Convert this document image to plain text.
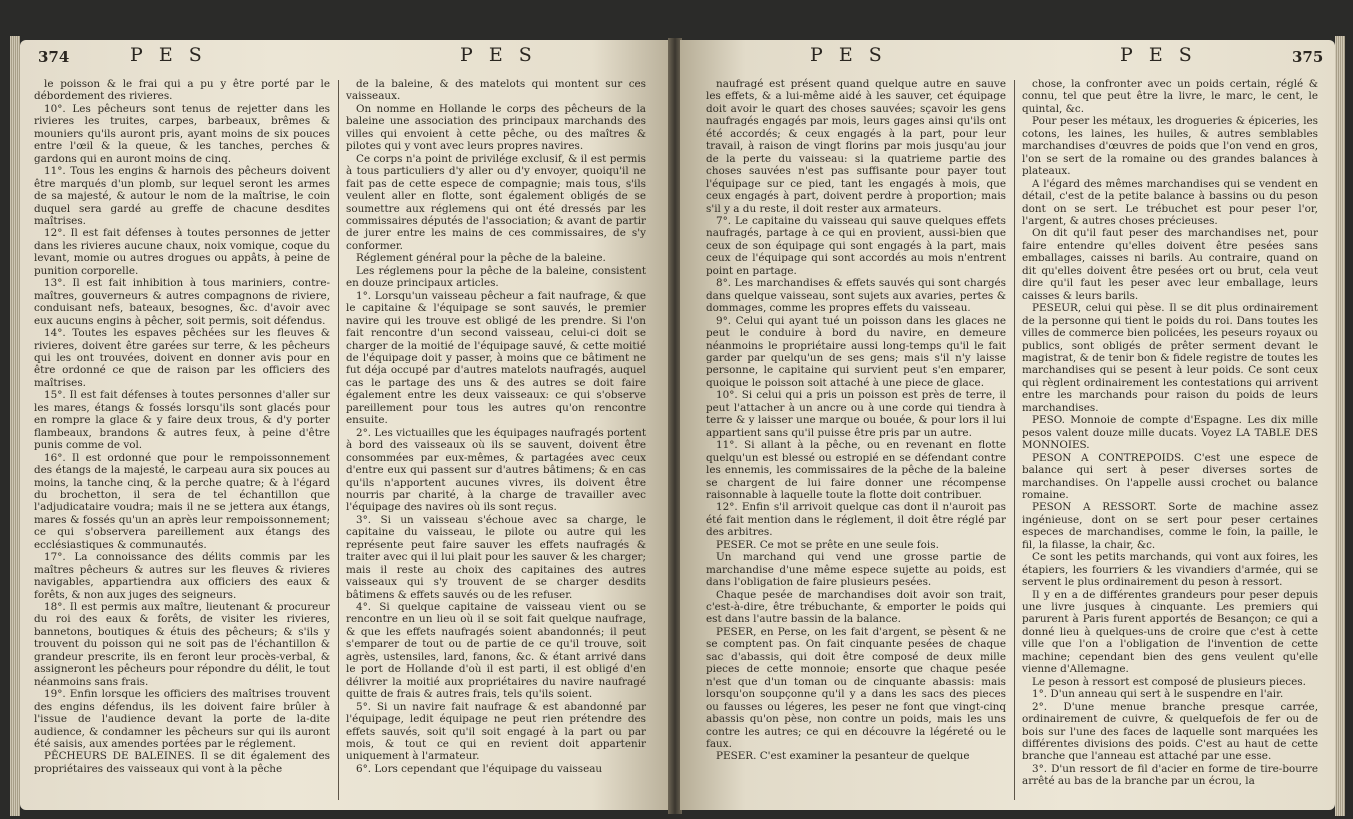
374	P E S	P E S

le poisson & le frai qui a pu y être porté par le débordement des rivieres.

10°. Les pêcheurs sont tenus de rejetter dans les rivieres les truites, carpes, barbeaux, brêmes & mouniers qu'ils auront pris, ayant moins de six pouces entre l'œil & la queue, & les tanches, perches & gardons qui en auront moins de cinq.

11°. Tous les engins & harnois des pêcheurs doivent être marqués d'un plomb, sur lequel seront les armes de sa majesté, & autour le nom de la maîtrise, le coin duquel sera gardé au greffe de chacune desdites maîtrises.

12°. Il est fait défenses à toutes personnes de jetter dans les rivieres aucune chaux, noix vomique, coque du levant, momie ou autres drogues ou appâts, à peine de punition corporelle.

13°. Il est fait inhibition à tous mariniers, contre-maîtres, gouverneurs & autres compagnons de riviere, conduisant nefs, bateaux, besognes, &c. d'avoir avec eux aucuns engins à pêcher, soit permis, soit défendus.

14°. Toutes les espaves pêchées sur les fleuves & rivieres, doivent être garées sur terre, & les pêcheurs qui les ont trouvées, doivent en donner avis pour en être ordonné ce que de raison par les officiers des maîtrises.

15°. Il est fait défenses à toutes personnes d'aller sur les mares, étangs & fossés lorsqu'ils sont glacés pour en rompre la glace & y faire deux trous, & d'y porter flambeaux, brandons & autres feux, à peine d'être punis comme de vol.

16°. Il est ordonné que pour le rempoissonnement des étangs de la majesté, le carpeau aura six pouces au moins, la tanche cinq, & la perche quatre; & à l'égard du brochetton, il sera de tel échantillon que l'adjudicataire voudra; mais il ne se jettera aux étangs, mares & fossés qu'un an après leur rempoissonnement; ce qui s'observera pareillement aux étangs des ecclésiastiques & communautés.

17°. La connoissance des délits commis par les maîtres pêcheurs & autres sur les fleuves & rivieres navigables, appartiendra aux officiers des eaux & forêts, & non aux juges des seigneurs.

18°. Il est permis aux maître, lieutenant & procureur du roi des eaux & forêts, de visiter les rivieres, bannetons, boutiques & étuis des pêcheurs; & s'ils y trouvent du poisson qui ne soit pas de l'échantillon & grandeur prescrite, ils en feront leur procès-verbal, & assigneront les pêcheurs pour répondre du délit, le tout néanmoins sans frais.

19°. Enfin lorsque les officiers des maîtrises trouvent des engins défendus, ils les doivent faire brûler à l'issue de l'audience devant la porte de la-dite audience, & condamner les pêcheurs sur qui ils auront été saisis, aux amendes portées par le réglement.

PÊCHEURS DE BALEINES. Il se dit également des propriétaires des vaisseaux qui vont à la pêche

de la baleine, & des matelots qui montent sur ces vaisseaux.

On nomme en Hollande le corps des pêcheurs de la baleine une association des principaux marchands des villes qui envoient à cette pêche, ou des maîtres & pilotes qui y vont avec leurs propres navires.

Ce corps n'a point de privilége exclusif, & il est permis à tous particuliers d'y aller ou d'y envoyer, quoiqu'il ne fait pas de cette espece de compagnie; mais tous, s'ils veulent aller en flotte, sont également obligés de se soumettre aux réglemens qui ont été dressés par les commissaires députés de l'association; & avant de partir de jurer entre les mains de ces commissaires, de s'y conformer.

Réglement général pour la pêche de la baleine.

Les réglemens pour la pêche de la baleine, consistent en douze principaux articles.

1°. Lorsqu'un vaisseau pêcheur a fait naufrage, & que le capitaine & l'équipage se sont sauvés, le premier navire qui les trouve est obligé de les prendre. Si l'on fait rencontre d'un second vaisseau, celui-ci doit se charger de la moitié de l'équipage sauvé, & cette moitié de l'équipage doit y passer, à moins que ce bâtiment ne fut déja occupé par d'autres matelots naufragés, auquel cas le partage des uns & des autres se doit faire également entre les deux vaisseaux: ce qui s'observe pareillement pour tous les autres qu'on rencontre ensuite.

2°. Les victuailles que les équipages naufragés portent à bord des vaisseaux où ils se sauvent, doivent être consommées par eux-mêmes, & partagées avec ceux d'entre eux qui passent sur d'autres bâtimens; & en cas qu'ils n'apportent aucunes vivres, ils doivent être nourris par charité, à la charge de travailler avec l'équipage des navires où ils sont reçus.

3°. Si un vaisseau s'échoue avec sa charge, le capitaine du vaisseau, le pilote ou autre qui les représente peut faire sauver les effets naufragés & traiter avec qui il lui plait pour les sauver & les charger; mais il reste au choix des capitaines des autres vaisseaux qui s'y trouvent de se charger desdits bâtimens & effets sauvés ou de les refuser.

4°. Si quelque capitaine de vaisseau vient ou se rencontre en un lieu où il se soit fait quelque naufrage, & que les effets naufragés soient abandonnés; il peut s'emparer de tout ou de partie de ce qu'il trouve, soit agrès, ustensiles, lard, fanons, &c. & étant arrivé dans le port de Hollande d'où il est parti, il est obligé d'en délivrer la moitié aux propriétaires du navire naufragé quitte de frais & autres frais, tels qu'ils soient.

5°. Si un navire fait naufrage & est abandonné par l'équipage, ledit équipage ne peut rien prétendre des effets sauvés, soit qu'il soit engagé à la part ou par mois, & tout ce qui en revient doit appartenir uniquement à l'armateur.

6°. Lors cependant que l'équipage du vaisseau

P E S	P E S	375

naufragé est présent quand quelque autre en sauve les effets, & a lui-même aidé à les sauver, cet équipage doit avoir le quart des choses sauvées; sçavoir les gens naufragés engagés par mois, leurs gages ainsi qu'ils ont été accordés; & ceux engagés à la part, pour leur travail, à raison de vingt florins par mois jusqu'au jour de la perte du vaisseau: si la quatrieme partie des choses sauvées n'est pas suffisante pour payer tout l'équipage sur ce pied, tant les engagés à mois, que ceux engagés à part, doivent perdre à proportion; mais s'il y a du reste, il doit rester aux armateurs.

7°. Le capitaine du vaisseau qui sauve quelques effets naufragés, partage à ce qui en provient, aussi-bien que ceux de son équipage qui sont engagés à la part, mais ceux de l'équipage qui sont accordés au mois n'entrent point en partage.

8°. Les marchandises & effets sauvés qui sont chargés dans quelque vaisseau, sont sujets aux avaries, pertes & dommages, comme les propres effets du vaisseau.

9°. Celui qui ayant tué un poisson dans les glaces ne peut le conduire à bord du navire, en demeure néanmoins le propriétaire aussi long-temps qu'il le fait garder par quelqu'un de ses gens; mais s'il n'y laisse personne, le capitaine qui survient peut s'en emparer, quoique le poisson soit attaché à une piece de glace.

10°. Si celui qui a pris un poisson est près de terre, il peut l'attacher à un ancre ou à une corde qui tiendra à terre & y laisser une marque ou bouée, & pour lors il lui appartient sans qu'il puisse être pris par un autre.

11°. Si allant à la pêche, ou en revenant en flotte quelqu'un est blessé ou estropié en se défendant contre les ennemis, les commissaires de la pêche de la baleine se chargent de lui faire donner une récompense raisonnable à laquelle toute la flotte doit contribuer.

12°. Enfin s'il arrivoit quelque cas dont il n'auroit pas été fait mention dans le réglement, il doit être réglé par des arbitres.

PESER. Ce mot se prête en une seule fois.

Un marchand qui vend une grosse partie de marchandise d'une même espece sujette au poids, est dans l'obligation de faire plusieurs pesées.

Chaque pesée de marchandises doit avoir son trait, c'est-à-dire, être trébuchante, & emporter le poids qui est dans l'autre bassin de la balance.

PESER, en Perse, on les fait d'argent, se pèsent & ne se comptent pas. On fait cinquante pesées de chaque sac d'abassis, qui doit être composé de deux mille pieces de cette monnoie; ensorte que chaque pesée n'est que d'un toman ou de cinquante abassis: mais lorsqu'on soupçonne qu'il y a dans les sacs des pieces ou fausses ou légeres, les peser ne font que vingt-cinq abassis qu'on pèse, non contre un poids, mais les uns contre les autres; ce qui en découvre la légéreté ou le faux.

PESER. C'est examiner la pesanteur de quelque

chose, la confronter avec un poids certain, réglé & connu, tel que peut être la livre, le marc, le cent, le quintal, &c.

Pour peser les métaux, les drogueries & épiceries, les cotons, les laines, les huiles, & autres semblables marchandises d'œuvres de poids que l'on vend en gros, l'on se sert de la romaine ou des grandes balances à plateaux.

A l'égard des mêmes marchandises qui se vendent en détail, c'est de la petite balance à bassins ou du peson dont on se sert. Le trébuchet est pour peser l'or, l'argent, & autres choses précieuses.

On dit qu'il faut peser des marchandises net, pour faire entendre qu'elles doivent être pesées sans emballages, caisses ni barils. Au contraire, quand on dit qu'elles doivent être pesées ort ou brut, cela veut dire qu'il faut les peser avec leur emballage, leurs caisses & leurs barils.

PESEUR, celui qui pèse. Il se dit plus ordinairement de la personne qui tient le poids du roi. Dans toutes les villes de commerce bien policées, les peseurs royaux ou publics, sont obligés de prêter serment devant le magistrat, & de tenir bon & fidele registre de toutes les marchandises qui se pesent à leur poids. Ce sont ceux qui règlent ordinairement les contestations qui arrivent entre les marchands pour raison du poids de leurs marchandises.

PESO. Monnoie de compte d'Espagne. Les dix mille pesos valent douze mille ducats. Voyez LA TABLE DES MONNOIES.

PESON A CONTREPOIDS. C'est une espece de balance qui sert à peser diverses sortes de marchandises. On l'appelle aussi crochet ou balance romaine.

PESON A RESSORT. Sorte de machine assez ingénieuse, dont on se sert pour peser certaines especes de marchandises, comme le foin, la paille, le fil, la filasse, la chair, &c.

Ce sont les petits marchands, qui vont aux foires, les étapiers, les fourriers & les vivandiers d'armée, qui se servent le plus ordinairement du peson à ressort.

Il y en a de différentes grandeurs pour peser depuis une livre jusques à cinquante. Les premiers qui parurent à Paris furent apportés de Besançon; ce qui a donné lieu à quelques-uns de croire que c'est à cette ville que l'on a l'obligation de l'invention de cette machine; cependant bien des gens veulent qu'elle vienne d'Allemagne.

Le peson à ressort est composé de plusieurs pieces.

1°. D'un anneau qui sert à le suspendre en l'air.

2°. D'une menue branche presque carrée, ordinairement de cuivre, & quelquefois de fer ou de bois sur l'une des faces de laquelle sont marquées les différentes divisions des poids. C'est au haut de cette branche que l'anneau est attaché par une esse.

3°. D'un ressort de fil d'acier en forme de tire-bourre arrêté au bas de la branche par un écrou, la
